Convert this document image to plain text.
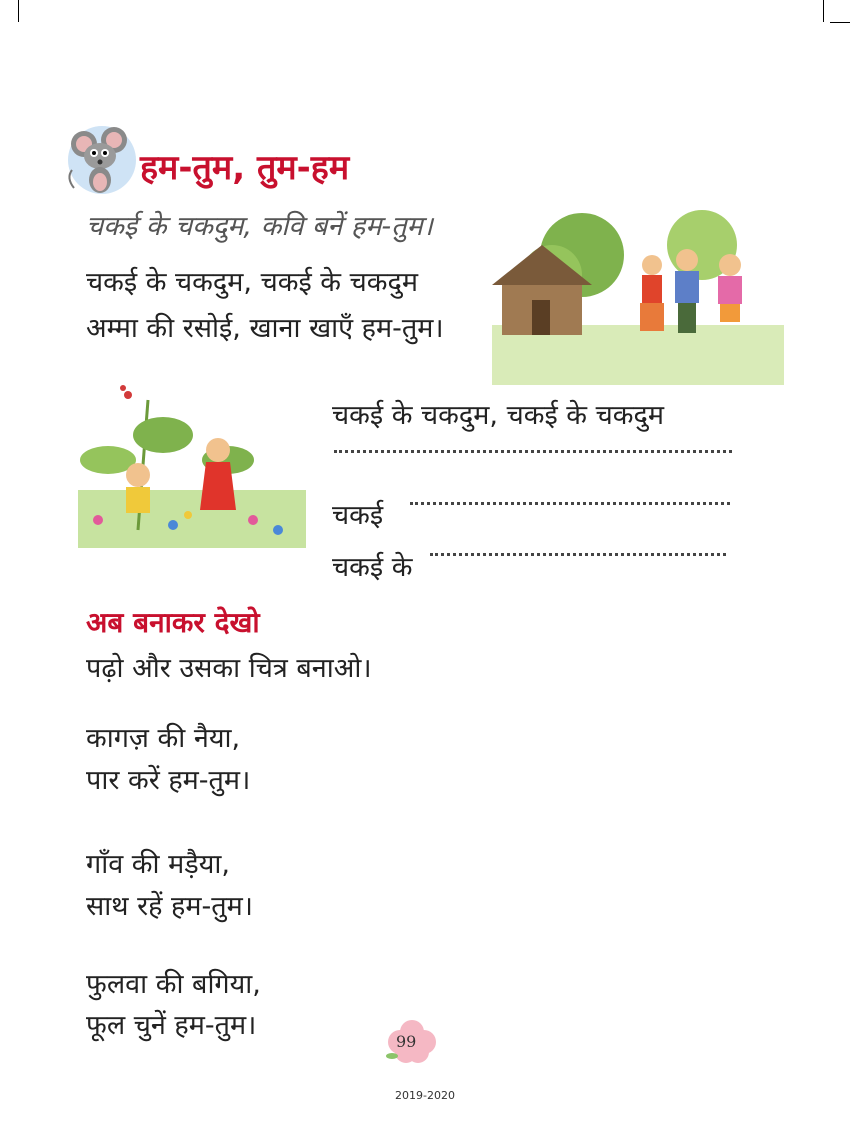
हम-तुम, तुम-हम
चकई के चकदुम, कवि बनें हम-तुम।
चकई के चकदुम, चकई के चकदुम
अम्मा की रसोई, खाना खाएँ हम-तुम।
चकई के चकदुम, चकई के चकदुम
चकई
चकई के
अब बनाकर देखो
पढ़ो और उसका चित्र बनाओ।
कागज़ की नैया,
पार करें हम-तुम।
गाँव की मड़ैया,
साथ रहें हम-तुम।
फुलवा की बगिया,
फूल चुनें हम-तुम।
99
2019-2020
